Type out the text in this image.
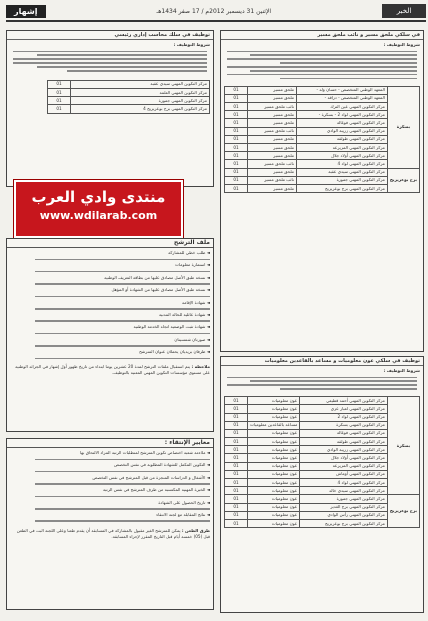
الخبر
الإثنين 31 ديسمبر 2012م / 17 صفر 1434هـ
إشهار
في سلكي ملحق مسير و نائب ملحق مسير
شروط التوظيف :
بسكرة	المعهد الوطني المتخصص - حسان ولد -	ملحق مسير	01
	المعهد الوطني المتخصص - دراقة -	ملحق مسير	01
	مركز التكوين المهني عين الترك	نائب ملحق مسير	01
	مركز التكوين المهني لواد 2 - بسكرة -	ملحق مسير	01
	مركز التكوين المهني فوغالة	ملحق مسير	01
	مركز التكوين المهني زريبة الوادي	نائب ملحق مسير	01
	مركز التكوين المهني طولقة	ملحق مسير	01
	مركز التكوين المهني المزيرعة	ملحق مسير	01
	مركز التكوين المهني أولاد جلال	ملحق مسير	01
	مركز التكوين المهني لواد 4	نائب ملحق مسير	01
برج بوعريريج	مركز التكوين المهني سيدي عقبة	ملحق مسير	01
	مركز التكوين المهني جمورة	نائب ملحق مسير	01
	مركز التكوين المهني برج بوعريريج	ملحق مسير	01
توظيف في سلك محاسب إداري رئيسي
شروط التوظيف :
مركز التكوين المهني سيدي عقبة	01
مركز التكوين المهني العلمة	01
مركز التكوين المهني جمورة	01
مركز التكوين المهني برج بوعريريج 4	01
منتدى وادي العرب
www.wdilarab.com
ملف الترشح
◄ طلب خطي للمشاركة
◄ استمارة معلومات
◄ نسخة طبق الأصل مصادق عليها من بطاقة التعريف الوطنية
◄ نسخة طبق الأصل مصادق عليها من الشهادة أو المؤهل
◄ شهادة الإقامة
◄ شهادة عائلية للحالة المدنية
◄ شهادة تثبت الوضعية اتجاه الخدمة الوطنية
◄ صورتان شمسيتان
◄ ظرفان بريديان يحملان عنوان المترشح
ملاحظة : يتم استقبال ملفات الترشح لمدة 20 عشرين يوما ابتداء من تاريخ ظهور أول إشهار في الجرائد الوطنية على مستوى مؤسسات التكوين المهني المعنية بالتوظيف.
معايير الإنتقاء :
◄ ملاءمة شعبة اختصاص تكوين المترشح لمتطلبات الرتبة المراد الالتحاق بها
◄ التكوين المكمل للشهادة المطلوبة في نفس التخصص
◄ الأشغال و الدراسات المنجزة من قبل المترشح في نفس التخصص
◄ الخبرة المهنية المكتسبة من طرف المترشح في نفس الرتبة
◄ تاريخ الحصول على الشهادة
◄ نتائج المقابلة مع لجنة الانتقاء
طرق الطعن : يمكن للمترشح الغير مقبول بالمشاركة في المسابقة أن يقدم طعنا وعلى اللجنة البت في الطعن قبل (05) خمسة أيام قبل التاريخ المقرر لإجراء المسابقة.
توظيف في سلكي عون معلوميات و مساعد بالقاعدين معلوميات
شروط التوظيف :
بسكرة	مركز التكوين المهني أحمد قطيعي	عون معلوميات	01
	مركز التكوين المهني لعبار عزي	عون معلوميات	01
	مركز التكوين المهني لواد 2	عون معلوميات	01
	مركز التكوين المهني بسكرة	مساعد بالقاعدين معلوميات	01
	مركز التكوين المهني فوغالة	عون معلوميات	01
	مركز التكوين المهني طولقة	عون معلوميات	01
	مركز التكوين المهني زريبة الوادي	عون معلوميات	01
	مركز التكوين المهني أولاد جلال	عون معلوميات	01
	مركز التكوين المهني المزيرعة	عون معلوميات	01
	مركز التكوين المهني أوماش	عون معلوميات	01
	مركز التكوين المهني لواد 4	عون معلوميات	01
	مركز التكوين المهني سيدي خالد	عون معلوميات	01
برج بوعريريج	مركز التكوين المهني جمورة	عون معلوميات	01
	مركز التكوين المهني برج الغدير	عون معلوميات	01
	مركز التكوين المهني رأس الوادي	عون معلوميات	01
	مركز التكوين المهني برج بوعريريج	عون معلوميات	01
